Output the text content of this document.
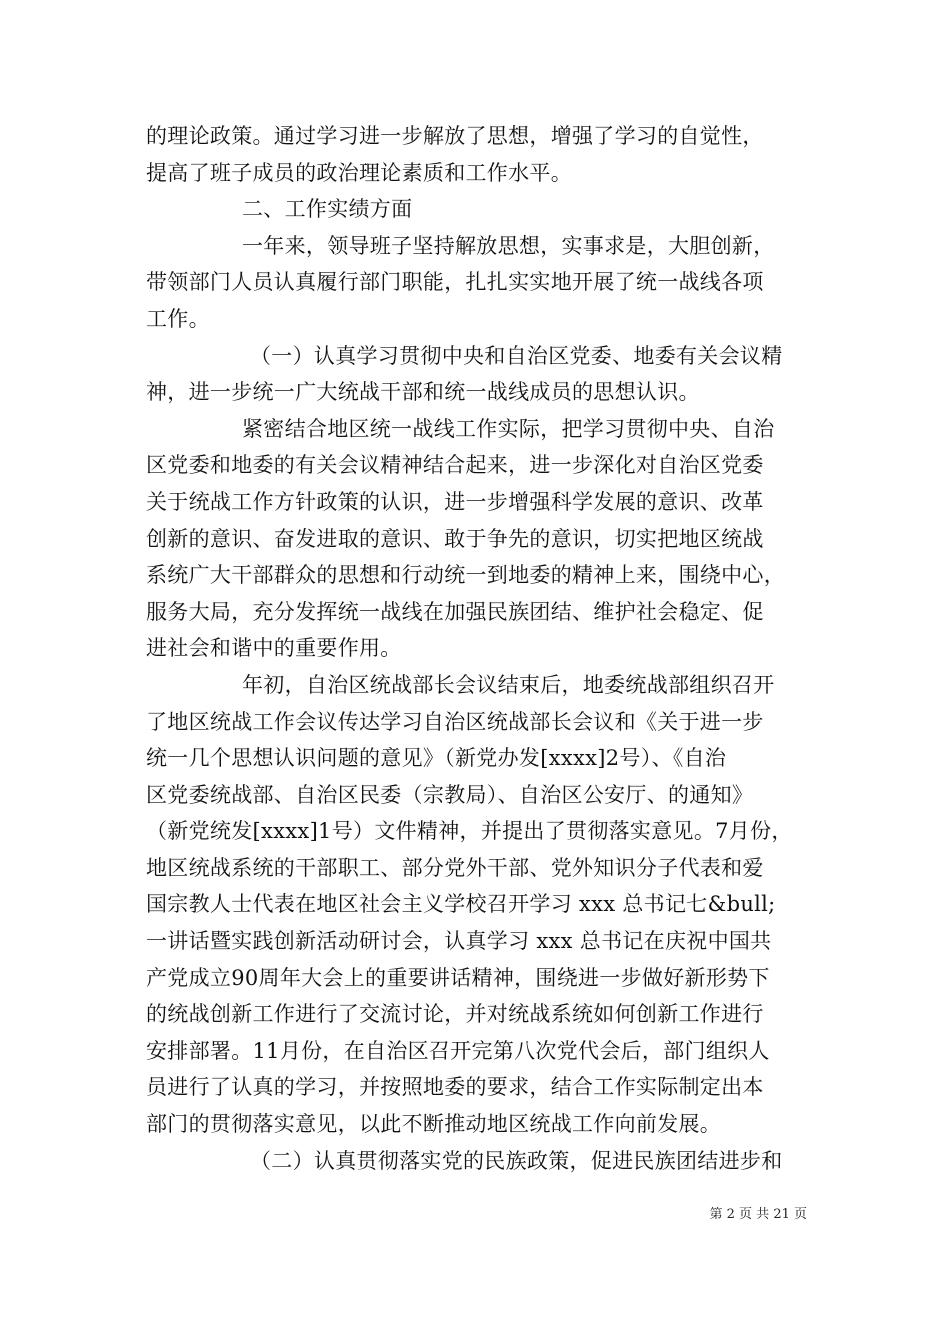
的理论政策。通过学习进一步解放了思想，增强了学习的自觉性，
提高了班子成员的政治理论素质和工作水平。
二、工作实绩方面
一年来，领导班子坚持解放思想，实事求是，大胆创新，
带领部门人员认真履行部门职能，扎扎实实地开展了统一战线各项
工作。
（一）认真学习贯彻中央和自治区党委、地委有关会议精
神，进一步统一广大统战干部和统一战线成员的思想认识。
紧密结合地区统一战线工作实际，把学习贯彻中央、自治
区党委和地委的有关会议精神结合起来，进一步深化对自治区党委
关于统战工作方针政策的认识，进一步增强科学发展的意识、改革
创新的意识、奋发进取的意识、敢于争先的意识，切实把地区统战
系统广大干部群众的思想和行动统一到地委的精神上来，围绕中心，
服务大局，充分发挥统一战线在加强民族团结、维护社会稳定、促
进社会和谐中的重要作用。
年初，自治区统战部长会议结束后，地委统战部组织召开
了地区统战工作会议传达学习自治区统战部长会议和《关于进一步
统一几个思想认识问题的意见》（新党办发[xxxx]2号）、《自治
区党委统战部、自治区民委（宗教局）、自治区公安厅、的通知》
（新党统发[xxxx]1号）文件精神，并提出了贯彻落实意见。7月份，
地区统战系统的干部职工、部分党外干部、党外知识分子代表和爱
国宗教人士代表在地区社会主义学校召开学习 xxx 总书记七&bull;
一讲话暨实践创新活动研讨会，认真学习 xxx 总书记在庆祝中国共
产党成立90周年大会上的重要讲话精神，围绕进一步做好新形势下
的统战创新工作进行了交流讨论，并对统战系统如何创新工作进行
安排部署。11月份，在自治区召开完第八次党代会后，部门组织人
员进行了认真的学习，并按照地委的要求，结合工作实际制定出本
部门的贯彻落实意见，以此不断推动地区统战工作向前发展。
（二）认真贯彻落实党的民族政策，促进民族团结进步和
第 2 页 共 21 页
